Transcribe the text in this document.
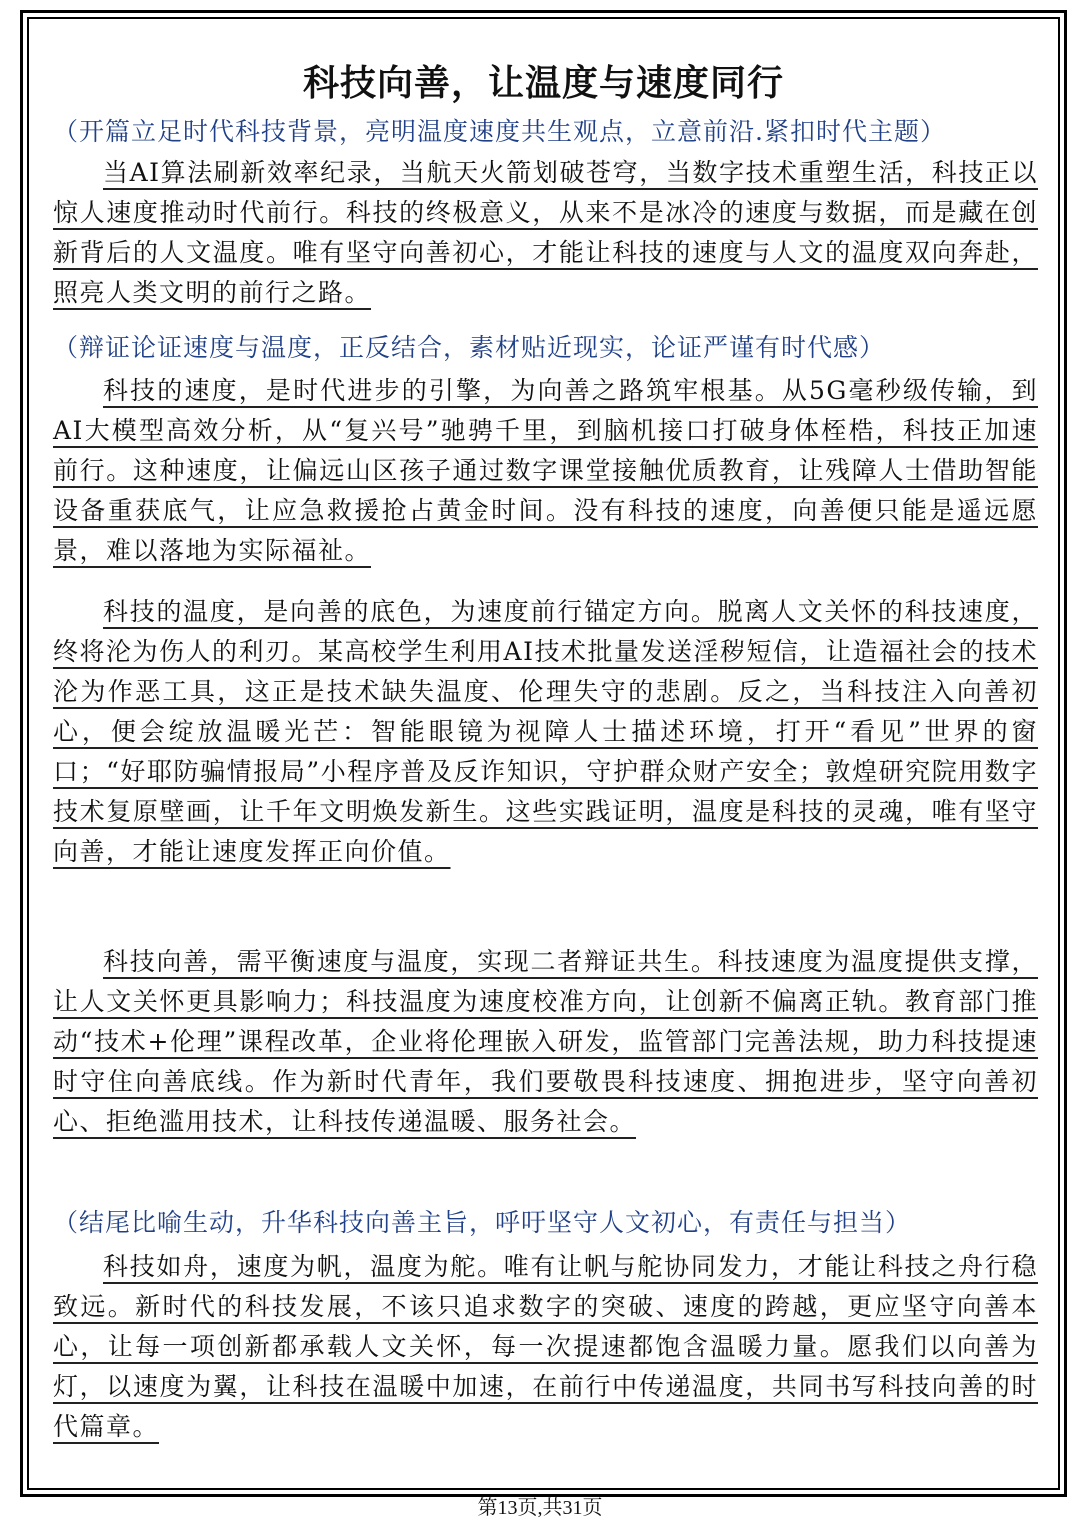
科技向善，让温度与速度同行
（开篇立足时代科技背景，亮明温度速度共生观点，立意前沿.紧扣时代主题）
当AI算法刷新效率纪录，当航天火箭划破苍穹，当数字技术重塑生活，科技正以惊人速度推动时代前行。科技的终极意义，从来不是冰冷的速度与数据，而是藏在创新背后的人文温度。唯有坚守向善初心，才能让科技的速度与人文的温度双向奔赴，照亮人类文明的前行之路。
（辩证论证速度与温度，正反结合，素材贴近现实，论证严谨有时代感）
科技的速度，是时代进步的引擎，为向善之路筑牢根基。从5G毫秒级传输，到AI大模型高效分析，从“复兴号”驰骋千里，到脑机接口打破身体桎梏，科技正加速前行。这种速度，让偏远山区孩子通过数字课堂接触优质教育，让残障人士借助智能设备重获底气，让应急救援抢占黄金时间。没有科技的速度，向善便只能是遥远愿景，难以落地为实际福祉。
科技的温度，是向善的底色，为速度前行锚定方向。脱离人文关怀的科技速度，终将沦为伤人的利刃。某高校学生利用AI技术批量发送淫秽短信，让造福社会的技术沦为作恶工具，这正是技术缺失温度、伦理失守的悲剧。反之，当科技注入向善初心，便会绽放温暖光芒：智能眼镜为视障人士描述环境，打开“看见”世界的窗口；“好耶防骗情报局”小程序普及反诈知识，守护群众财产安全；敦煌研究院用数字技术复原壁画，让千年文明焕发新生。这些实践证明，温度是科技的灵魂，唯有坚守向善，才能让速度发挥正向价值。
科技向善，需平衡速度与温度，实现二者辩证共生。科技速度为温度提供支撑，让人文关怀更具影响力；科技温度为速度校准方向，让创新不偏离正轨。教育部门推动“技术+伦理”课程改革，企业将伦理嵌入研发，监管部门完善法规，助力科技提速时守住向善底线。作为新时代青年，我们要敬畏科技速度、拥抱进步，坚守向善初心、拒绝滥用技术，让科技传递温暖、服务社会。
（结尾比喻生动，升华科技向善主旨，呼吁坚守人文初心，有责任与担当）
科技如舟，速度为帆，温度为舵。唯有让帆与舵协同发力，才能让科技之舟行稳致远。新时代的科技发展，不该只追求数字的突破、速度的跨越，更应坚守向善本心，让每一项创新都承载人文关怀，每一次提速都饱含温暖力量。愿我们以向善为灯，以速度为翼，让科技在温暖中加速，在前行中传递温度，共同书写科技向善的时代篇章。
第13页,共31页
